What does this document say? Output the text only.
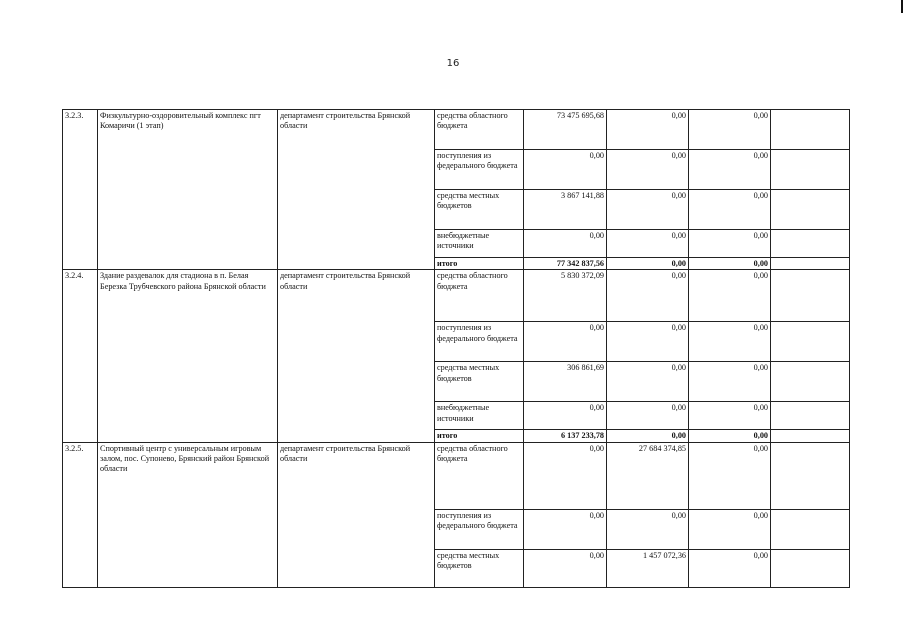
16
3.2.3.	Физкультурно-оздоровительный комплекс пгт Комаричи (1 этап)	департамент строительства Брянской области	средства областного бюджета	73 475 695,68	0,00	0,00	
			поступления из федерального бюджета	0,00	0,00	0,00	
			средства местных бюджетов	3 867 141,88	0,00	0,00	
			внебюджетные источники	0,00	0,00	0,00	
			итого	77 342 837,56	0,00	0,00	
3.2.4.	Здание раздевалок для стадиона в п. Белая Березка Трубчевского района Брянской области	департамент строительства Брянской области	средства областного бюджета	5 830 372,09	0,00	0,00	
			поступления из федерального бюджета	0,00	0,00	0,00	
			средства местных бюджетов	306 861,69	0,00	0,00	
			внебюджетные источники	0,00	0,00	0,00	
			итого	6 137 233,78	0,00	0,00	
3.2.5.	Спортивный центр с универсальным игровым залом, пос. Супонево, Брянский район Брянской области	департамент строительства Брянской области	средства областного бюджета	0,00	27 684 374,85	0,00	
			поступления из федерального бюджета	0,00	0,00	0,00	
			средства местных бюджетов	0,00	1 457 072,36	0,00	
